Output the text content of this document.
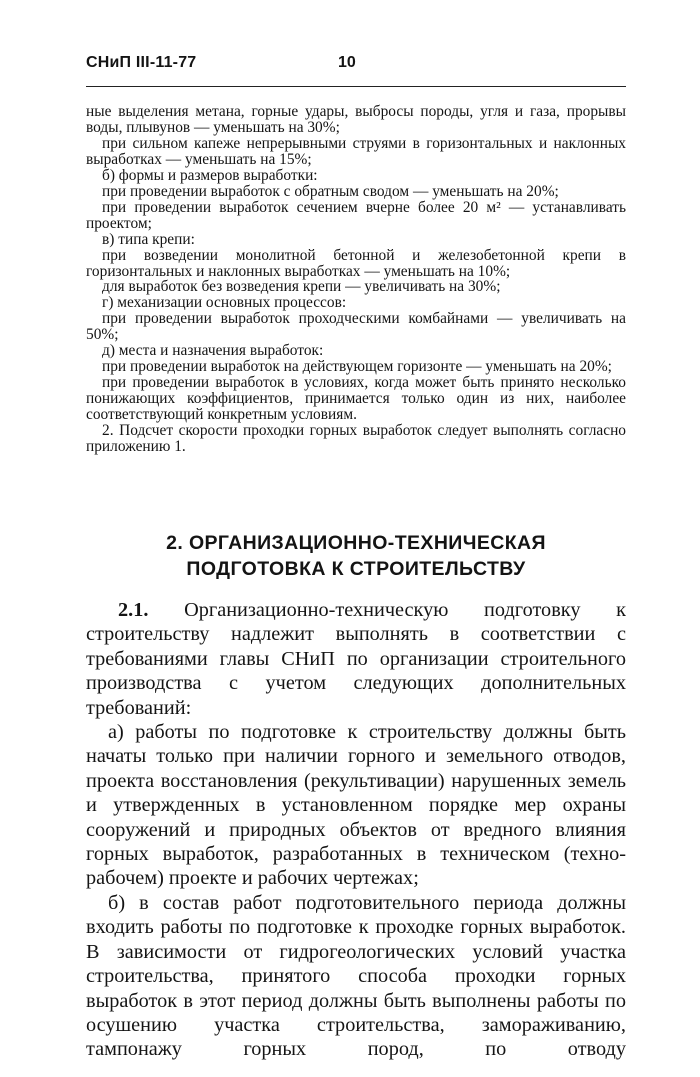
СНиП III-11-77	10

ные выделения метана, горные удары, выбросы породы, угля и газа, прорывы воды, плывунов — уменьшать на 30%;

при сильном капеже непрерывными струями в горизонтальных и наклонных выработках — уменьшать на 15%;

б) формы и размеров выработки:

при проведении выработок с обратным сводом — уменьшать на 20%;

при проведении выработок сечением вчерне более 20 м² — устанавливать проектом;

в) типа крепи:

при возведении монолитной бетонной и железобетонной крепи в горизонтальных и наклонных выработках — уменьшать на 10%;

для выработок без возведения крепи — увеличивать на 30%;

г) механизации основных процессов:

при проведении выработок проходческими комбайнами — увеличивать на 50%;

д) места и назначения выработок:

при проведении выработок на действующем горизонте — уменьшать на 20%;

при проведении выработок в условиях, когда может быть принято несколько понижающих коэффициентов, принимается только один из них, наиболее соответствующий конкретным условиям.

2. Подсчет скорости проходки горных выработок следует выполнять согласно приложению 1.

2. ОРГАНИЗАЦИОННО-ТЕХНИЧЕСКАЯ
ПОДГОТОВКА К СТРОИТЕЛЬСТВУ

2.1. Организационно-техническую подготовку к строительству надлежит выполнять в соответствии с требованиями главы СНиП по организации строительного производства с учетом следующих дополнительных требований:

а) работы по подготовке к строительству должны быть начаты только при наличии горного и земельного отводов, проекта восстановления (рекультивации) нарушенных земель и утвержденных в установленном порядке мер охраны сооружений и природных объектов от вредного влияния горных выработок, разработанных в техническом (техно-рабочем) проекте и рабочих чертежах;

б) в состав работ подготовительного периода должны входить работы по подготовке к проходке горных выработок. В зависимости от гидрогеологических условий участка строительства, принятого способа проходки горных выработок в этот период должны быть выполнены работы по осушению участка строительства, замораживанию, тампонажу горных пород, по отводу
